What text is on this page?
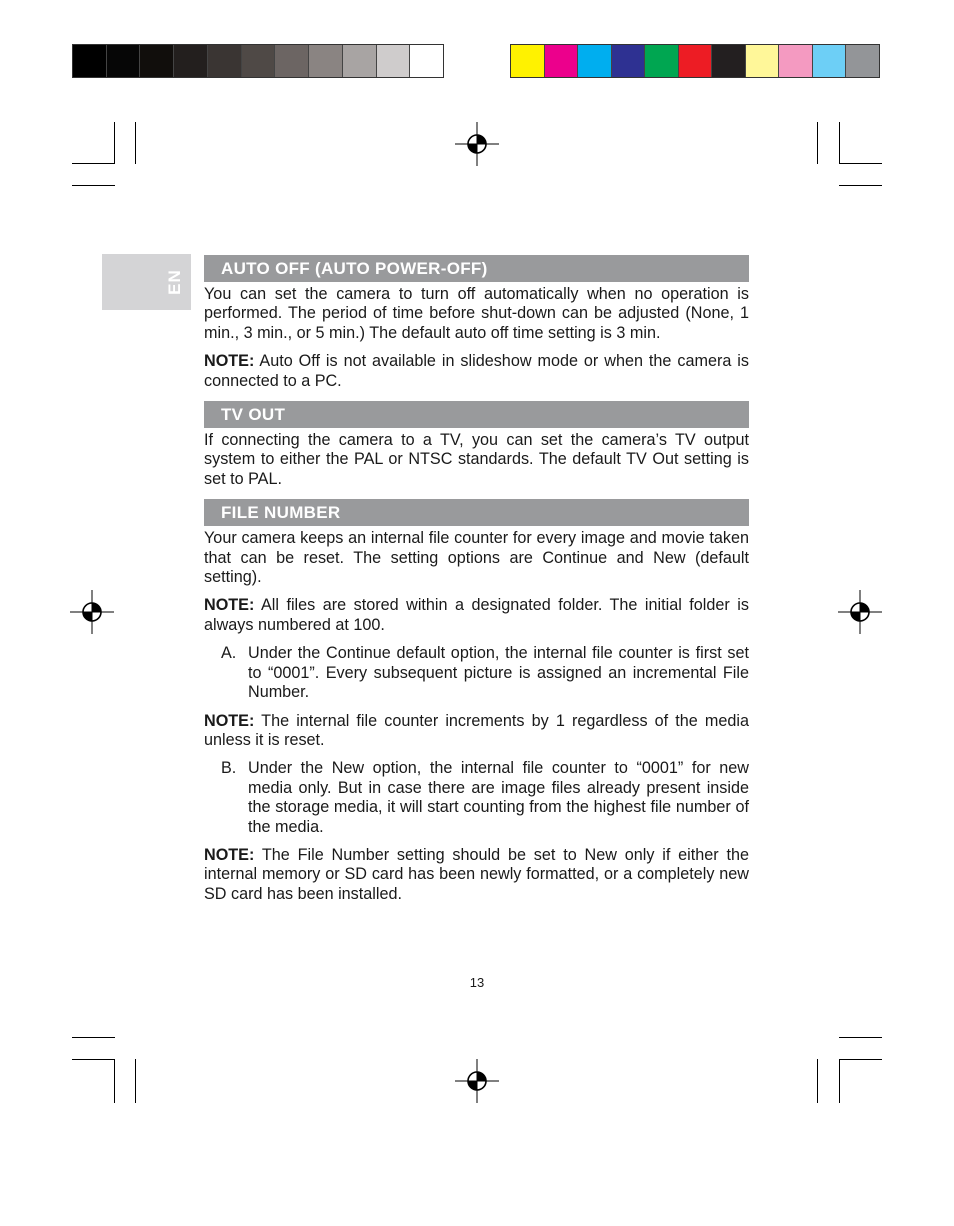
EN
AUTO OFF (AUTO POWER-OFF)

You can set the camera to turn off automatically when no operation is performed. The period of time before shut-down can be adjusted (None, 1 min., 3 min., or 5 min.) The default auto off time setting is 3 min.

NOTE: Auto Off is not available in slideshow mode or when the camera is connected to a PC.

TV OUT

If connecting the camera to a TV, you can set the camera’s TV output system to either the PAL or NTSC standards. The default TV Out setting is set to PAL.

FILE NUMBER

Your camera keeps an internal file counter for every image and movie taken that can be reset. The setting options are Continue and New (default setting).

NOTE: All files are stored within a designated folder. The initial folder is always numbered at 100.

A. Under the Continue default option, the internal file counter is first set to “0001”. Every subsequent picture is assigned an incremental File Number.

NOTE: The internal file counter increments by 1 regardless of the media unless it is reset.

B. Under the New option, the internal file counter to “0001” for new media only. But in case there are image files already present inside the storage media, it will start counting from the highest file number of the media.

NOTE: The File Number setting should be set to New only if either the internal memory or SD card has been newly formatted, or a completely new SD card has been installed.

13
